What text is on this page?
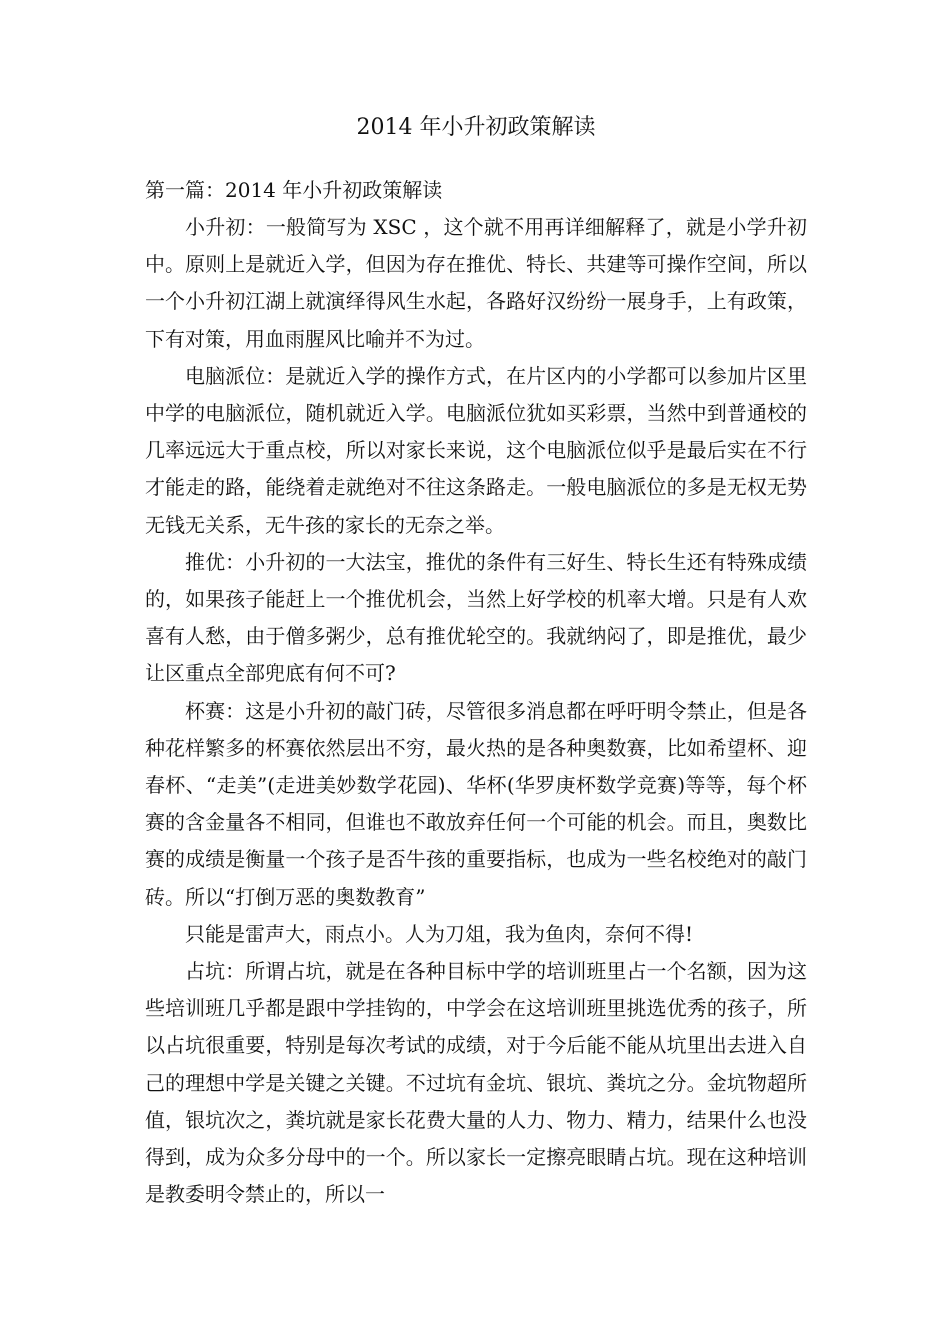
2014 年小升初政策解读

第一篇：2014 年小升初政策解读

小升初：一般简写为 XSC ，这个就不用再详细解释了，就是小学升初中。原则上是就近入学，但因为存在推优、特长、共建等可操作空间，所以一个小升初江湖上就演绎得风生水起，各路好汉纷纷一展身手，上有政策，下有对策，用血雨腥风比喻并不为过。

电脑派位：是就近入学的操作方式，在片区内的小学都可以参加片区里中学的电脑派位，随机就近入学。电脑派位犹如买彩票，当然中到普通校的几率远远大于重点校，所以对家长来说，这个电脑派位似乎是最后实在不行才能走的路，能绕着走就绝对不往这条路走。一般电脑派位的多是无权无势无钱无关系，无牛孩的家长的无奈之举。

推优：小升初的一大法宝，推优的条件有三好生、特长生还有特殊成绩的，如果孩子能赶上一个推优机会，当然上好学校的机率大增。只是有人欢喜有人愁，由于僧多粥少，总有推优轮空的。我就纳闷了，即是推优，最少让区重点全部兜底有何不可?

杯赛：这是小升初的敲门砖，尽管很多消息都在呼吁明令禁止，但是各种花样繁多的杯赛依然层出不穷，最火热的是各种奥数赛，比如希望杯、迎春杯、“走美”(走进美妙数学花园)、华杯(华罗庚杯数学竞赛)等等，每个杯赛的含金量各不相同，但谁也不敢放弃任何一个可能的机会。而且，奥数比赛的成绩是衡量一个孩子是否牛孩的重要指标，也成为一些名校绝对的敲门砖。所以“打倒万恶的奥数教育”

只能是雷声大，雨点小。人为刀俎，我为鱼肉，奈何不得!

占坑：所谓占坑，就是在各种目标中学的培训班里占一个名额，因为这些培训班几乎都是跟中学挂钩的，中学会在这培训班里挑选优秀的孩子，所以占坑很重要，特别是每次考试的成绩，对于今后能不能从坑里出去进入自己的理想中学是关键之关键。不过坑有金坑、银坑、粪坑之分。金坑物超所值，银坑次之，粪坑就是家长花费大量的人力、物力、精力，结果什么也没得到，成为众多分母中的一个。所以家长一定擦亮眼睛占坑。现在这种培训是教委明令禁止的，所以一
